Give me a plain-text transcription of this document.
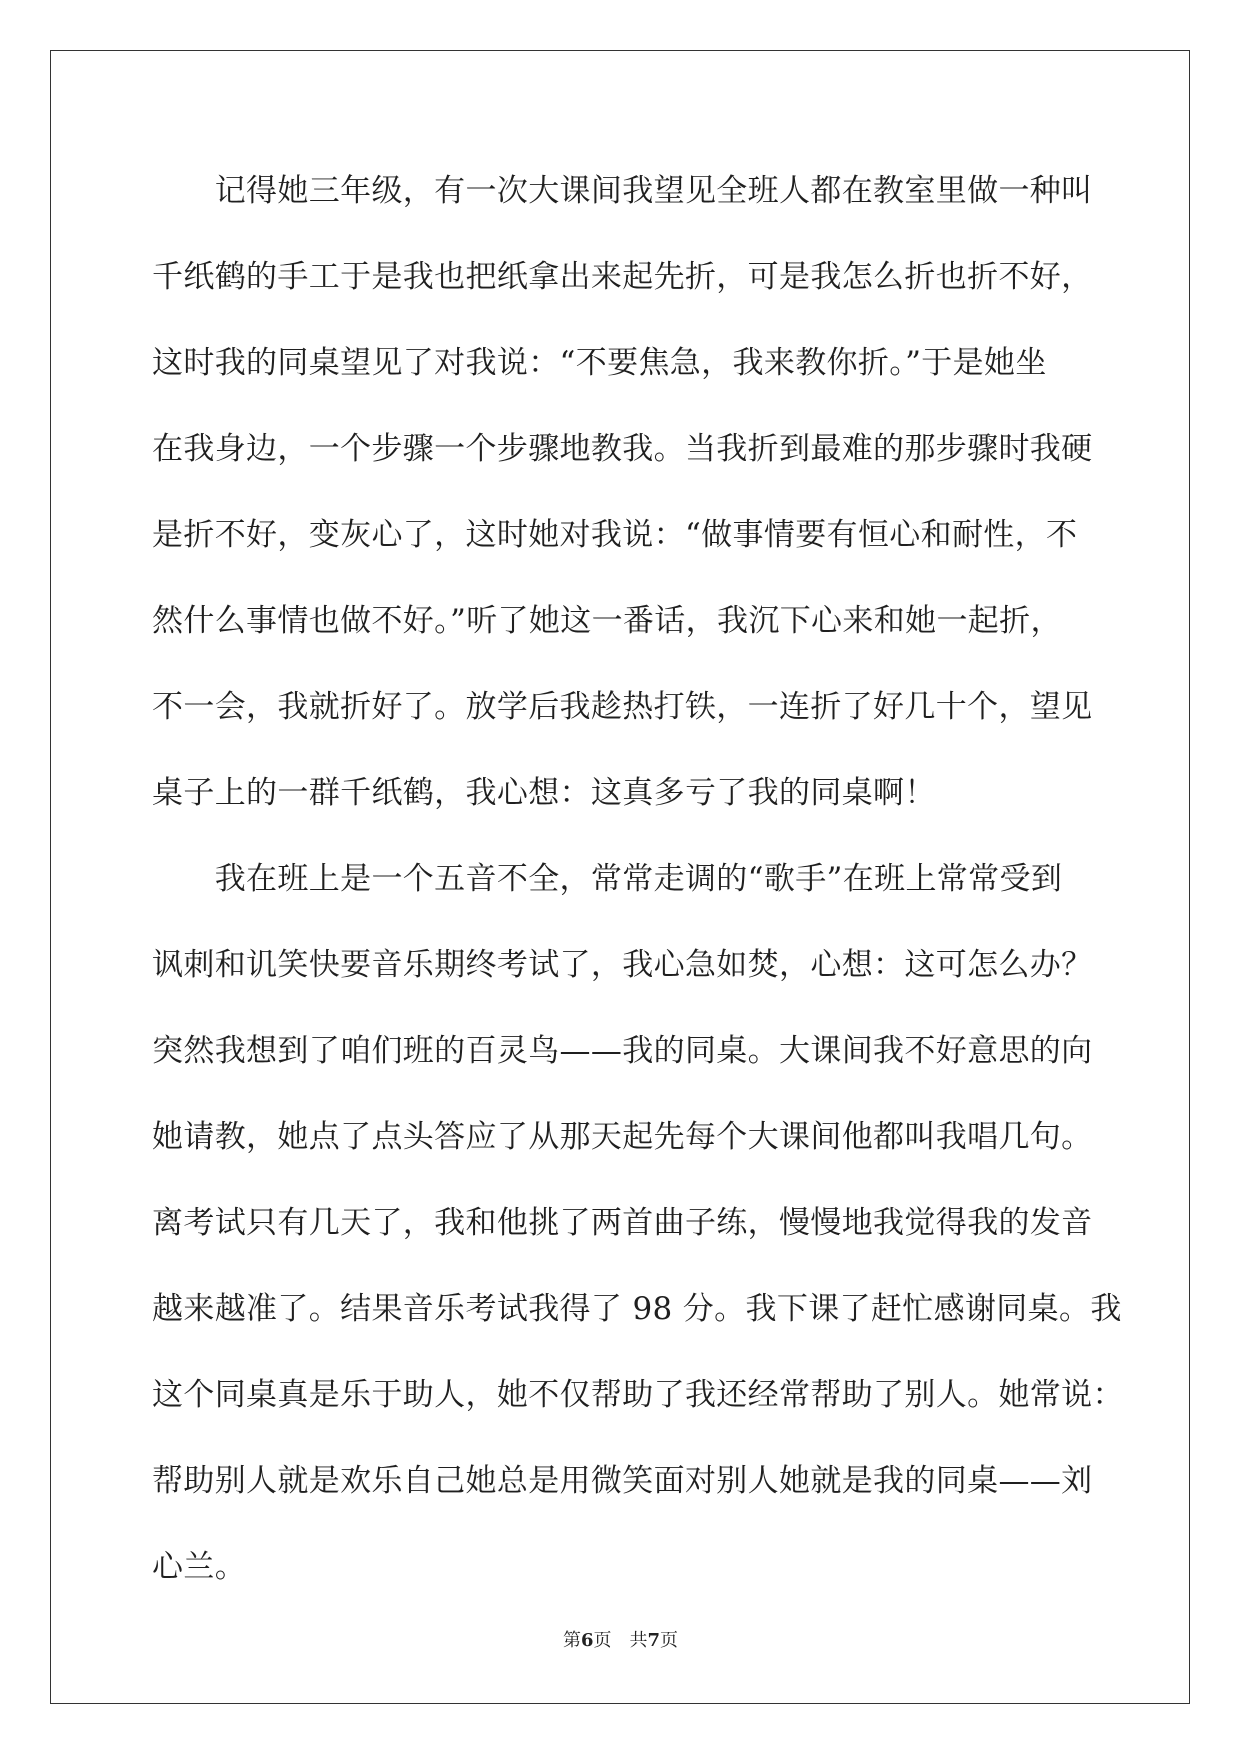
　　记得她三年级，有一次大课间我望见全班人都在教室里做一种叫
千纸鹤的手工于是我也把纸拿出来起先折，可是我怎么折也折不好，
这时我的同桌望见了对我说：“不要焦急，我来教你折。”于是她坐
在我身边，一个步骤一个步骤地教我。当我折到最难的那步骤时我硬
是折不好，变灰心了，这时她对我说：“做事情要有恒心和耐性，不
然什么事情也做不好。”听了她这一番话，我沉下心来和她一起折，
不一会，我就折好了。放学后我趁热打铁，一连折了好几十个，望见
桌子上的一群千纸鹤，我心想：这真多亏了我的同桌啊！
　　我在班上是一个五音不全，常常走调的“歌手”在班上常常受到
讽刺和讥笑快要音乐期终考试了，我心急如焚，心想：这可怎么办？
突然我想到了咱们班的百灵鸟——我的同桌。大课间我不好意思的向
她请教，她点了点头答应了从那天起先每个大课间他都叫我唱几句。
离考试只有几天了，我和他挑了两首曲子练，慢慢地我觉得我的发音
越来越准了。结果音乐考试我得了 98 分。我下课了赶忙感谢同桌。我
这个同桌真是乐于助人，她不仅帮助了我还经常帮助了别人。她常说：
帮助别人就是欢乐自己她总是用微笑面对别人她就是我的同桌——刘
心兰。
第6页　共7页
